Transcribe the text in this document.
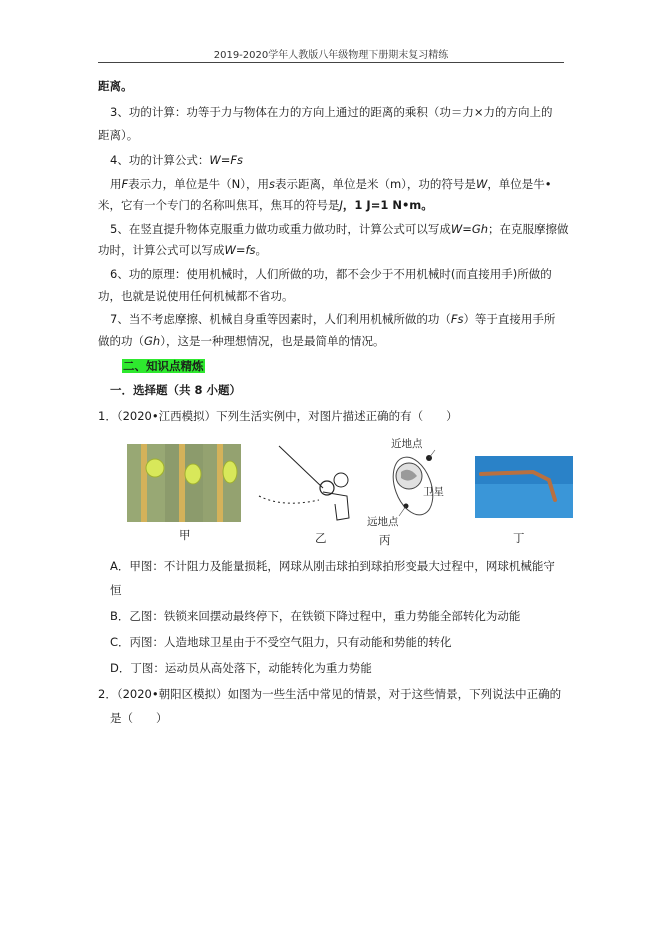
2019-2020学年人教版八年级物理下册期末复习精练
距离。
3、功的计算：功等于力与物体在力的方向上通过的距离的乘积（功＝力×力的方向上的
距离）。
4、功的计算公式：W=Fs
用F表示力，单位是牛（N），用s表示距离，单位是米（m），功的符号是W，单位是牛•
米，它有一个专门的名称叫焦耳，焦耳的符号是J，1 J=1 N•m。
5、在竖直提升物体克服重力做功或重力做功时，计算公式可以写成W=Gh；在克服摩擦做
功时，计算公式可以写成W=fs。
6、功的原理：使用机械时，人们所做的功，都不会少于不用机械时(而直接用手)所做的
功，也就是说使用任何机械都不省功。
7、当不考虑摩擦、机械自身重等因素时，人们利用机械所做的功（Fs）等于直接用手所
做的功（Gh），这是一种理想情况，也是最简单的情况。
二、知识点精炼
一．选择题（共 8 小题）
1．（2020•江西模拟）下列生活实例中，对图片描述正确的有（　　）
甲	乙	丙	丁
近地点
卫星
远地点
A．甲图：不计阻力及能量损耗，网球从刚击球拍到球拍形变最大过程中，网球机械能守
恒
B．乙图：铁锁来回摆动最终停下，在铁锁下降过程中，重力势能全部转化为动能
C．丙图：人造地球卫星由于不受空气阻力，只有动能和势能的转化
D．丁图：运动员从高处落下，动能转化为重力势能
2．（2020•朝阳区模拟）如图为一些生活中常见的情景，对于这些情景，下列说法中正确的
是（　　）
